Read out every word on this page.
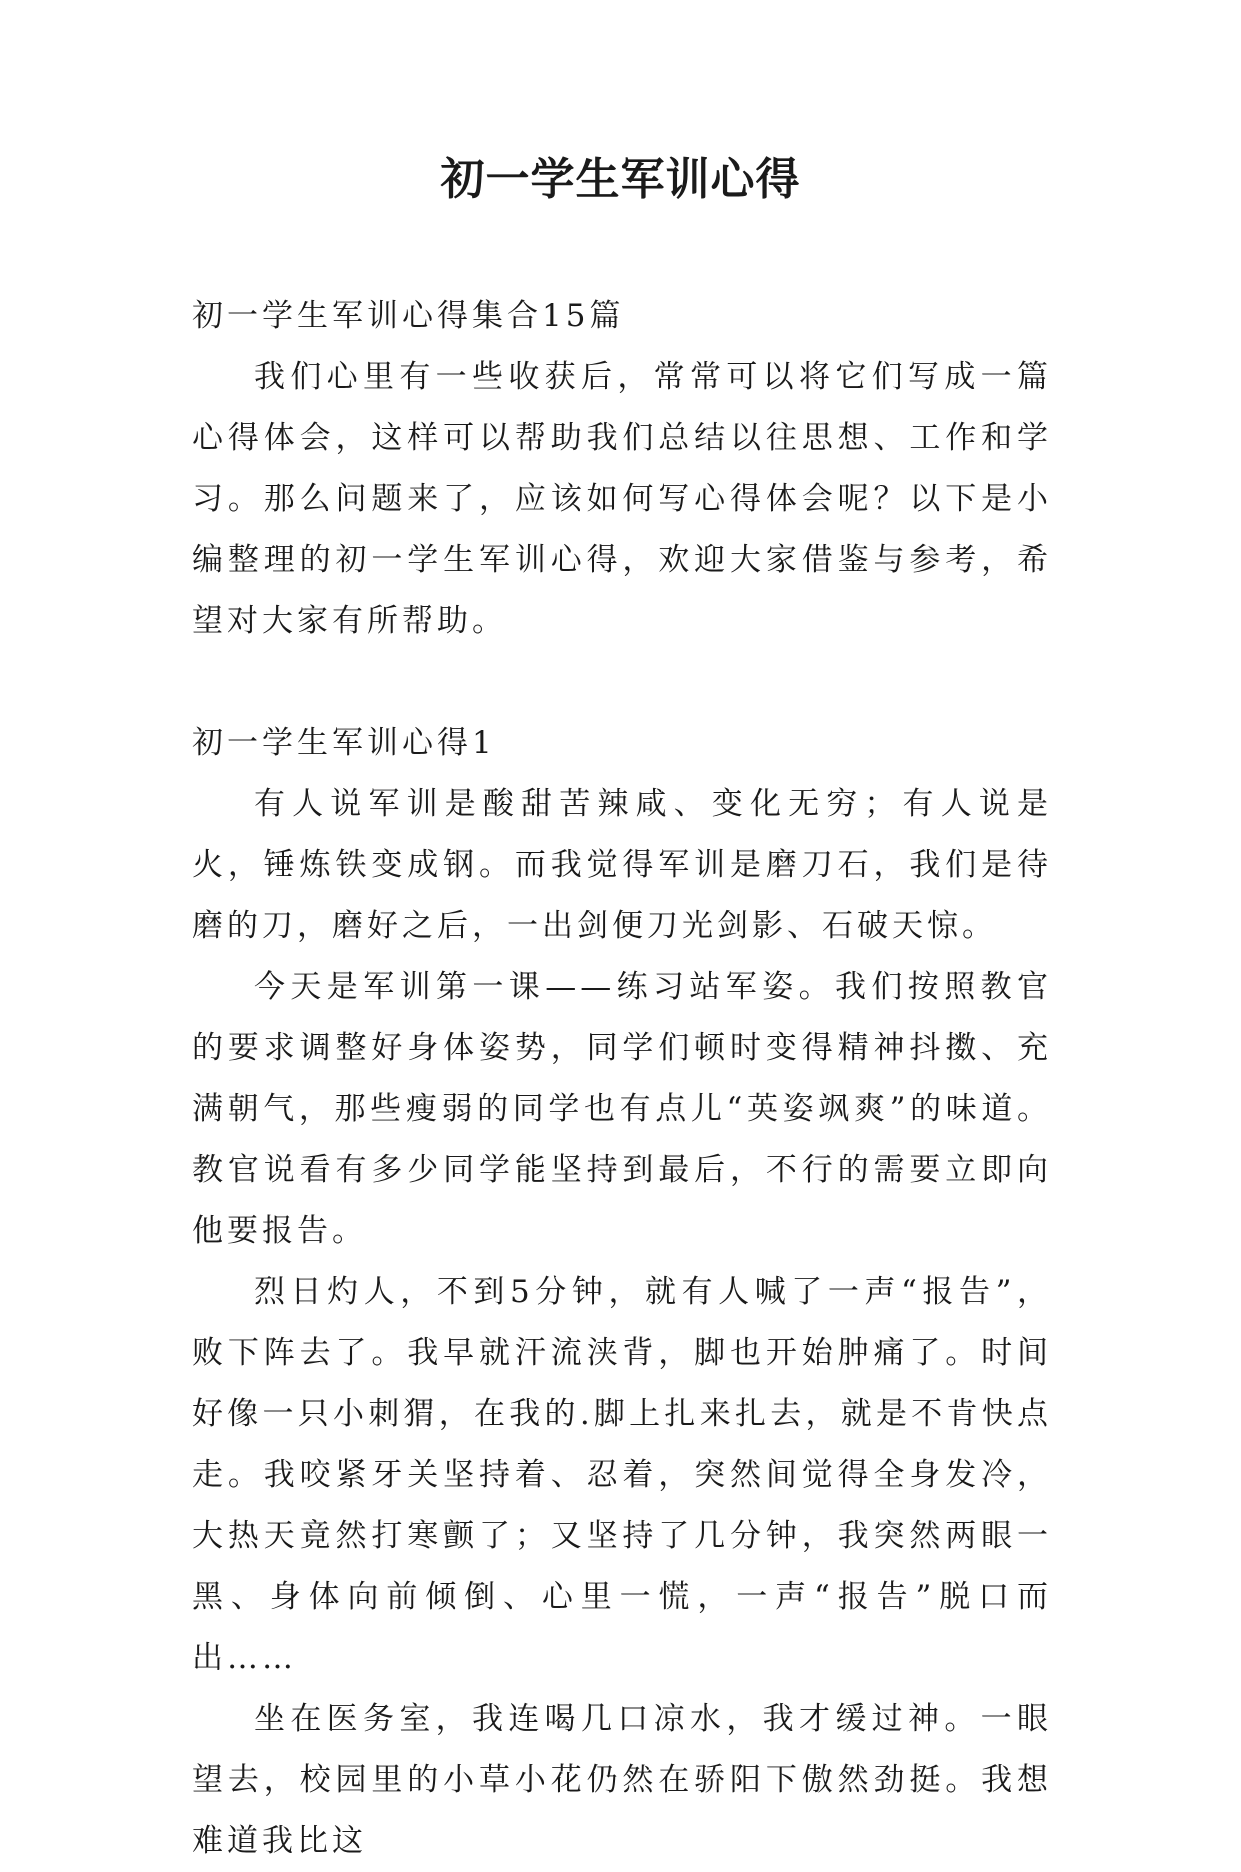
初一学生军训心得

初一学生军训心得集合15篇

我们心里有一些收获后，常常可以将它们写成一篇心得体会，这样可以帮助我们总结以往思想、工作和学习。那么问题来了，应该如何写心得体会呢？以下是小编整理的初一学生军训心得，欢迎大家借鉴与参考，希望对大家有所帮助。

初一学生军训心得1

有人说军训是酸甜苦辣咸、变化无穷；有人说是火，锤炼铁变成钢。而我觉得军训是磨刀石，我们是待磨的刀，磨好之后，一出剑便刀光剑影、石破天惊。

今天是军训第一课——练习站军姿。我们按照教官的要求调整好身体姿势，同学们顿时变得精神抖擞、充满朝气，那些瘦弱的同学也有点儿“英姿飒爽”的味道。教官说看有多少同学能坚持到最后，不行的需要立即向他要报告。

烈日灼人，不到5分钟，就有人喊了一声“报告”，败下阵去了。我早就汗流浃背，脚也开始肿痛了。时间好像一只小刺猬，在我的.脚上扎来扎去，就是不肯快点走。我咬紧牙关坚持着、忍着，突然间觉得全身发冷，大热天竟然打寒颤了；又坚持了几分钟，我突然两眼一黑、身体向前倾倒、心里一慌，一声“报告”脱口而出……

坐在医务室，我连喝几口凉水，我才缓过神。一眼望去，校园里的小草小花仍然在骄阳下傲然劲挺。我想难道我比这
